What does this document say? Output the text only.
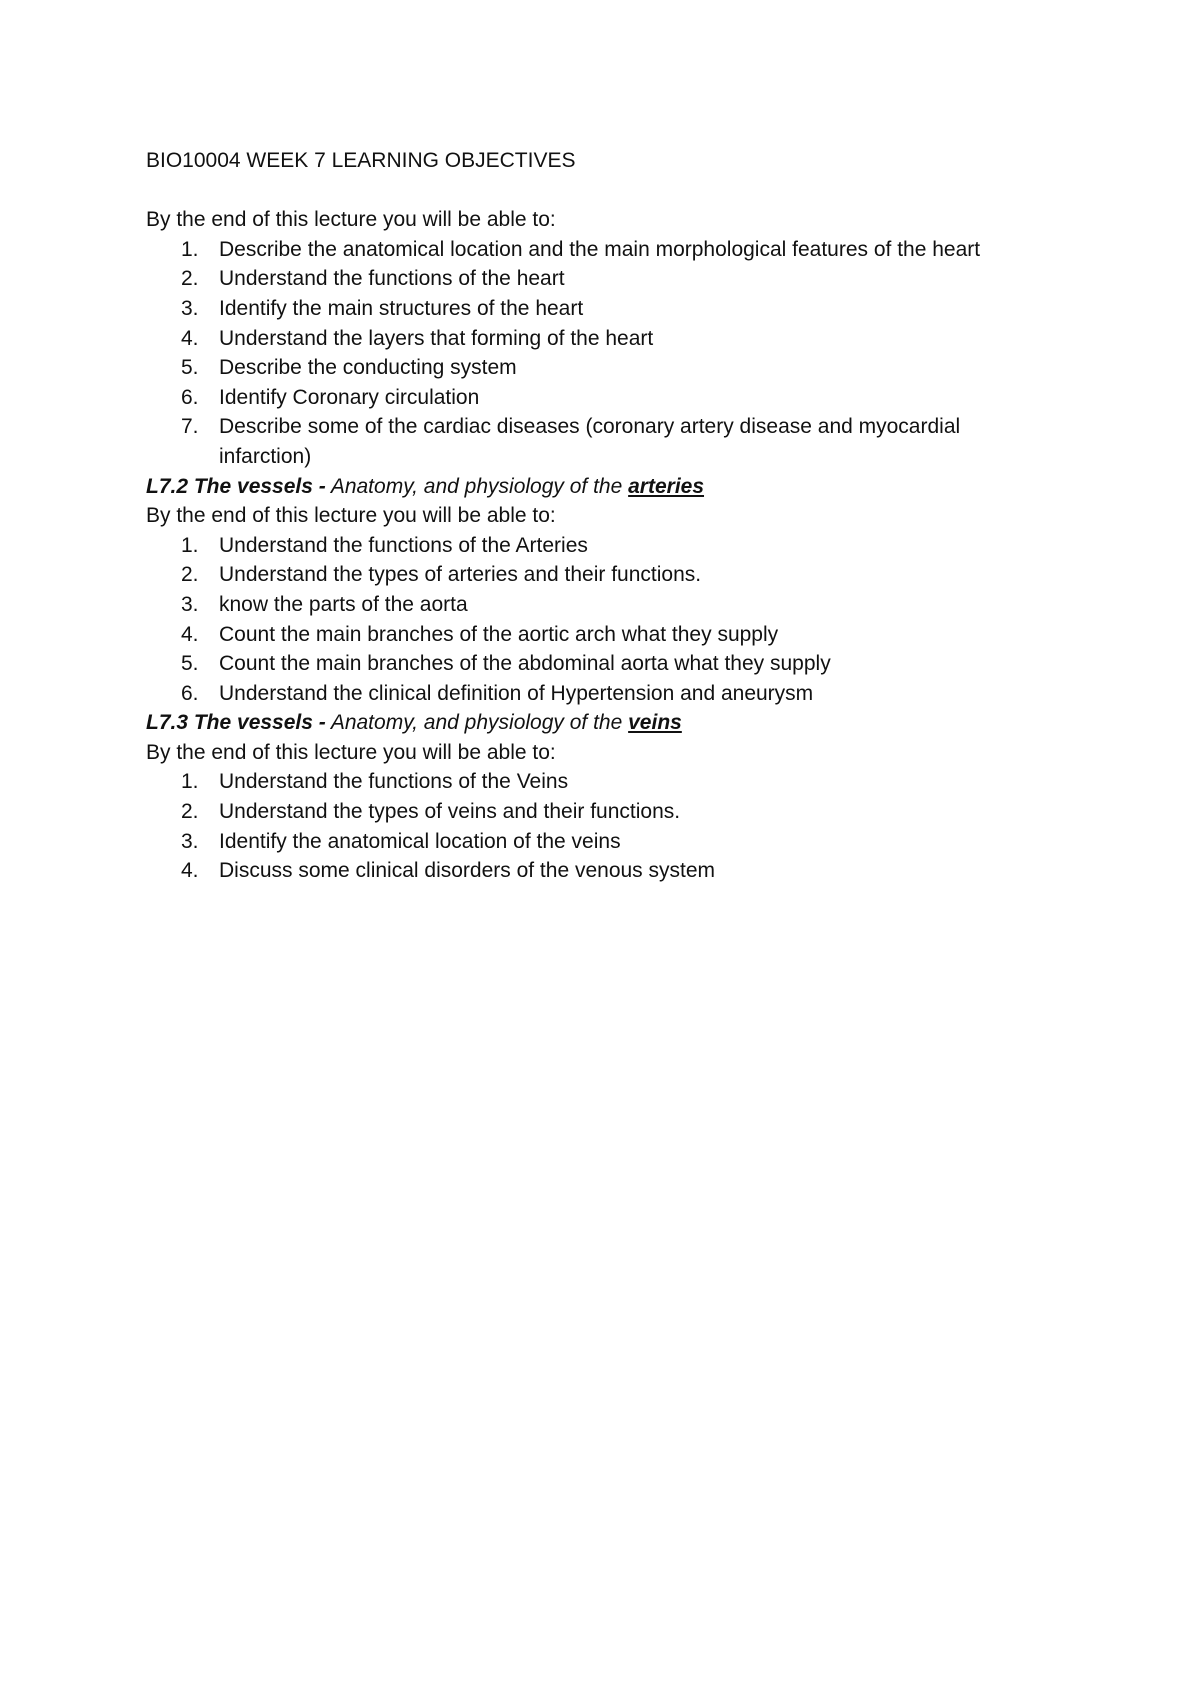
BIO10004 WEEK 7 LEARNING OBJECTIVES

By the end of this lecture you will be able to:

1. Describe the anatomical location and the main morphological features of the heart
2. Understand the functions of the heart
3. Identify the main structures of the heart
4. Understand the layers that forming of the heart
5. Describe the conducting system
6. Identify Coronary circulation
7. Describe some of the cardiac diseases (coronary artery disease and myocardial infarction)

L7.2 The vessels - Anatomy, and physiology of the arteries

By the end of this lecture you will be able to:

1. Understand the functions of the Arteries
2. Understand the types of arteries and their functions.
3. know the parts of the aorta
4. Count the main branches of the aortic arch what they supply
5. Count the main branches of the abdominal aorta what they supply
6. Understand the clinical definition of Hypertension and aneurysm

L7.3 The vessels - Anatomy, and physiology of the veins

By the end of this lecture you will be able to:

1. Understand the functions of the Veins
2. Understand the types of veins and their functions.
3. Identify the anatomical location of the veins
4. Discuss some clinical disorders of the venous system
